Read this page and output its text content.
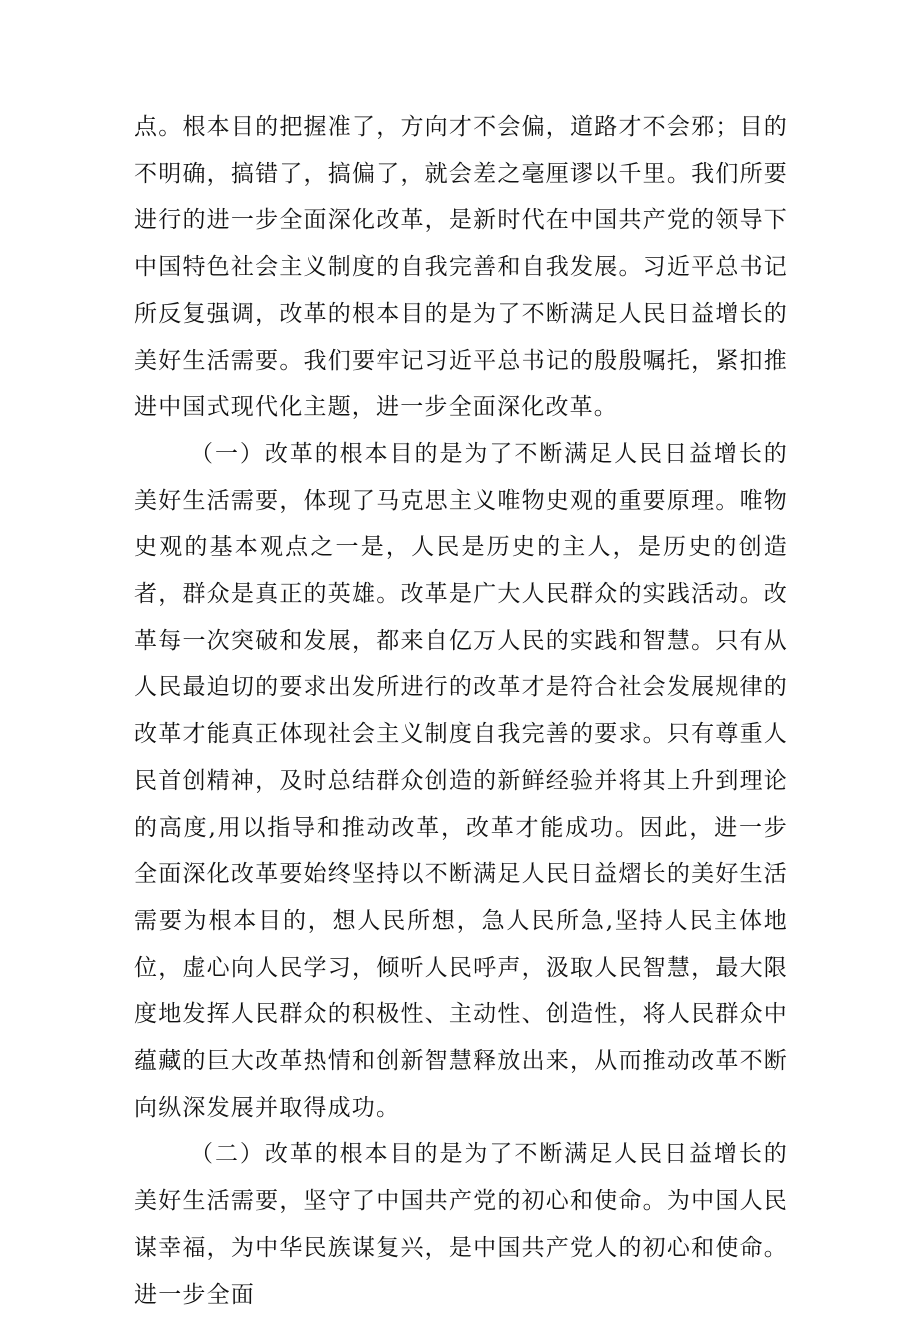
点。根本目的把握准了，方向才不会偏，道路才不会邪；目的不明确，搞错了，搞偏了，就会差之毫厘谬以千里。我们所要进行的进一步全面深化改革，是新时代在中国共产党的领导下中国特色社会主义制度的自我完善和自我发展。习近平总书记所反复强调，改革的根本目的是为了不断满足人民日益增长的美好生活需要。我们要牢记习近平总书记的殷殷嘱托，紧扣推进中国式现代化主题，进一步全面深化改革。

（一）改革的根本目的是为了不断满足人民日益增长的美好生活需要，体现了马克思主义唯物史观的重要原理。唯物史观的基本观点之一是，人民是历史的主人，是历史的创造者，群众是真正的英雄。改革是广大人民群众的实践活动。改革每一次突破和发展，都来自亿万人民的实践和智慧。只有从人民最迫切的要求出发所进行的改革才是符合社会发展规律的改革才能真正体现社会主义制度自我完善的要求。只有尊重人民首创精神，及时总结群众创造的新鲜经验并将其上升到理论的高度,用以指导和推动改革，改革才能成功。因此，进一步全面深化改革要始终坚持以不断满足人民日益熠长的美好生活需要为根本目的，想人民所想，急人民所急,坚持人民主体地位，虚心向人民学习，倾听人民呼声，汲取人民智慧，最大限度地发挥人民群众的积极性、主动性、创造性，将人民群众中蕴藏的巨大改革热情和创新智慧释放出来，从而推动改革不断向纵深发展并取得成功。

（二）改革的根本目的是为了不断满足人民日益增长的美好生活需要，坚守了中国共产党的初心和使命。为中国人民谋幸福，为中华民族谋复兴，是中国共产党人的初心和使命。进一步全面
